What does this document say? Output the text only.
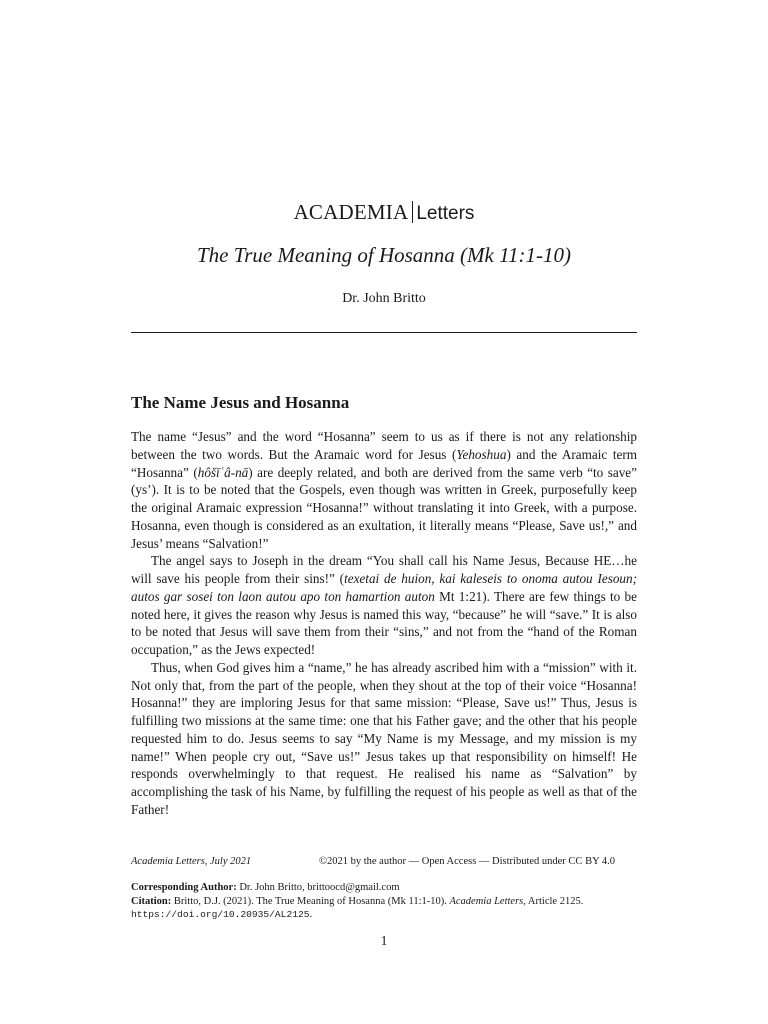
ACADEMIA Letters
The True Meaning of Hosanna (Mk 11:1-10)
Dr. John Britto
The Name Jesus and Hosanna

The name “Jesus” and the word “Hosanna” seem to us as if there is not any relationship between the two words. But the Aramaic word for Jesus (Yehoshua) and the Aramaic term “Hosanna” (hôšīʿâ-nā) are deeply related, and both are derived from the same verb “to save” (ys’). It is to be noted that the Gospels, even though was written in Greek, purposefully keep the original Aramaic expression “Hosanna!” without translating it into Greek, with a purpose. Hosanna, even though is considered as an exultation, it literally means “Please, Save us!,” and Jesus’ means “Salvation!”

The angel says to Joseph in the dream “You shall call his Name Jesus, Because HE…he will save his people from their sins!” (texetai de huion, kai kaleseis to onoma autou Iesoun; autos gar sosei ton laon autou apo ton hamartion auton Mt 1:21). There are few things to be noted here, it gives the reason why Jesus is named this way, “because” he will “save.” It is also to be noted that Jesus will save them from their “sins,” and not from the “hand of the Roman occupation,” as the Jews expected!

Thus, when God gives him a “name,” he has already ascribed him with a “mission” with it. Not only that, from the part of the people, when they shout at the top of their voice “Hosanna! Hosanna!” they are imploring Jesus for that same mission: “Please, Save us!” Thus, Jesus is fulfilling two missions at the same time: one that his Father gave; and the other that his people requested him to do. Jesus seems to say “My Name is my Message, and my mission is my name!” When people cry out, “Save us!” Jesus takes up that responsibility on himself! He responds overwhelmingly to that request. He realised his name as “Salvation” by accomplishing the task of his Name, by fulfilling the request of his people as well as that of the Father!

Academia Letters, July 2021	©2021 by the author — Open Access — Distributed under CC BY 4.0
Corresponding Author: Dr. John Britto, brittoocd@gmail.com
Citation: Britto, D.J. (2021). The True Meaning of Hosanna (Mk 11:1-10). Academia Letters, Article 2125.
https://doi.org/10.20935/AL2125.
1
